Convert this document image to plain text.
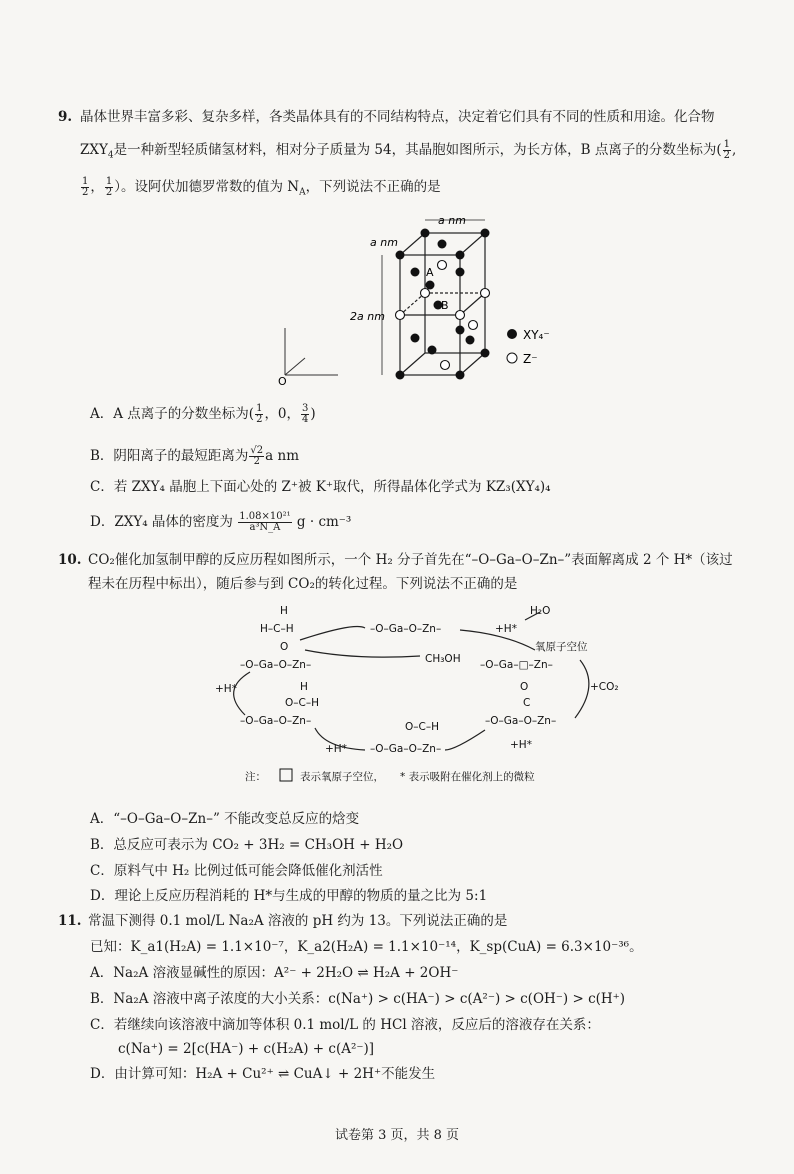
9. 晶体世界丰富多彩、复杂多样，各类晶体具有的不同结构特点，决定着它们具有不同的性质和用途。化合物
$ZXY_4$是一种新型轻质储氢材料，相对分子质量为 54，其晶胞如图所示，为长方体，B 点离子的分数坐标为( $\frac{1}{2}$ ,
$\frac{1}{2}$ ， $\frac{1}{2}$ ）。设阿伏加德罗常数的值为 $N_A$，下列说法不正确的是
O
a nm
a nm
2a nm
A
B
XY₄⁻
Z⁻
A．A 点离子的分数坐标为( $\frac{1}{2}$ ，0， $\frac{3}{4}$ )
B．阴阳离子的最短距离为 $\frac{√2}{2}$ a nm
C．若 ZXY₄ 晶胞上下面心处的 Z⁺被 K⁺取代，所得晶体化学式为 KZ₃(XY₄)₄
D．ZXY₄ 晶体的密度为 $\frac{\text{1.08×10²¹}}{\text{a³N\_A}}$ g · cm⁻³
10. CO₂催化加氢制甲醇的反应历程如图所示，一个 H₂ 分子首先在“–O–Ga–O–Zn–”表面解离成 2 个 H*（该过
程未在历程中标出），随后参与到 CO₂的转化过程。下列说法不正确的是
H
H–C–H
O
–O–Ga–O–Zn–
–O–Ga–O–Zn–	+H*
H₂O
氧原子空位
CH₃OH –O–Ga–□–Zn–
+CO₂
O
C
–O–Ga–O–Zn–
+H*	H
O–C–H
–O–Ga–O–Zn–
+H*
O–C–H
–O–Ga–O–Zn–	+H*
注：	表示氧原子空位， * 表示吸附在催化剂上的微粒
A．“–O–Ga–O–Zn–” 不能改变总反应的焓变
B．总反应可表示为 CO₂ + 3H₂ = CH₃OH + H₂O
C．原料气中 H₂ 比例过低可能会降低催化剂活性
D．理论上反应历程消耗的 H*与生成的甲醇的物质的量之比为 5:1
11. 常温下测得 0.1 mol/L Na₂A 溶液的 pH 约为 13。下列说法正确的是
已知：K_a1(H₂A) = 1.1×10⁻⁷，K_a2(H₂A) = 1.1×10⁻¹⁴，K_sp(CuA) = 6.3×10⁻³⁶。
A．Na₂A 溶液显碱性的原因：A²⁻ + 2H₂O ⇌ H₂A + 2OH⁻
B．Na₂A 溶液中离子浓度的大小关系：c(Na⁺) > c(HA⁻) > c(A²⁻) > c(OH⁻) > c(H⁺)
C．若继续向该溶液中滴加等体积 0.1 mol/L 的 HCl 溶液，反应后的溶液存在关系：
c(Na⁺) = 2[c(HA⁻) + c(H₂A) + c(A²⁻)]
D．由计算可知：H₂A + Cu²⁺ ⇌ CuA↓ + 2H⁺不能发生
试卷第 3 页，共 8 页
